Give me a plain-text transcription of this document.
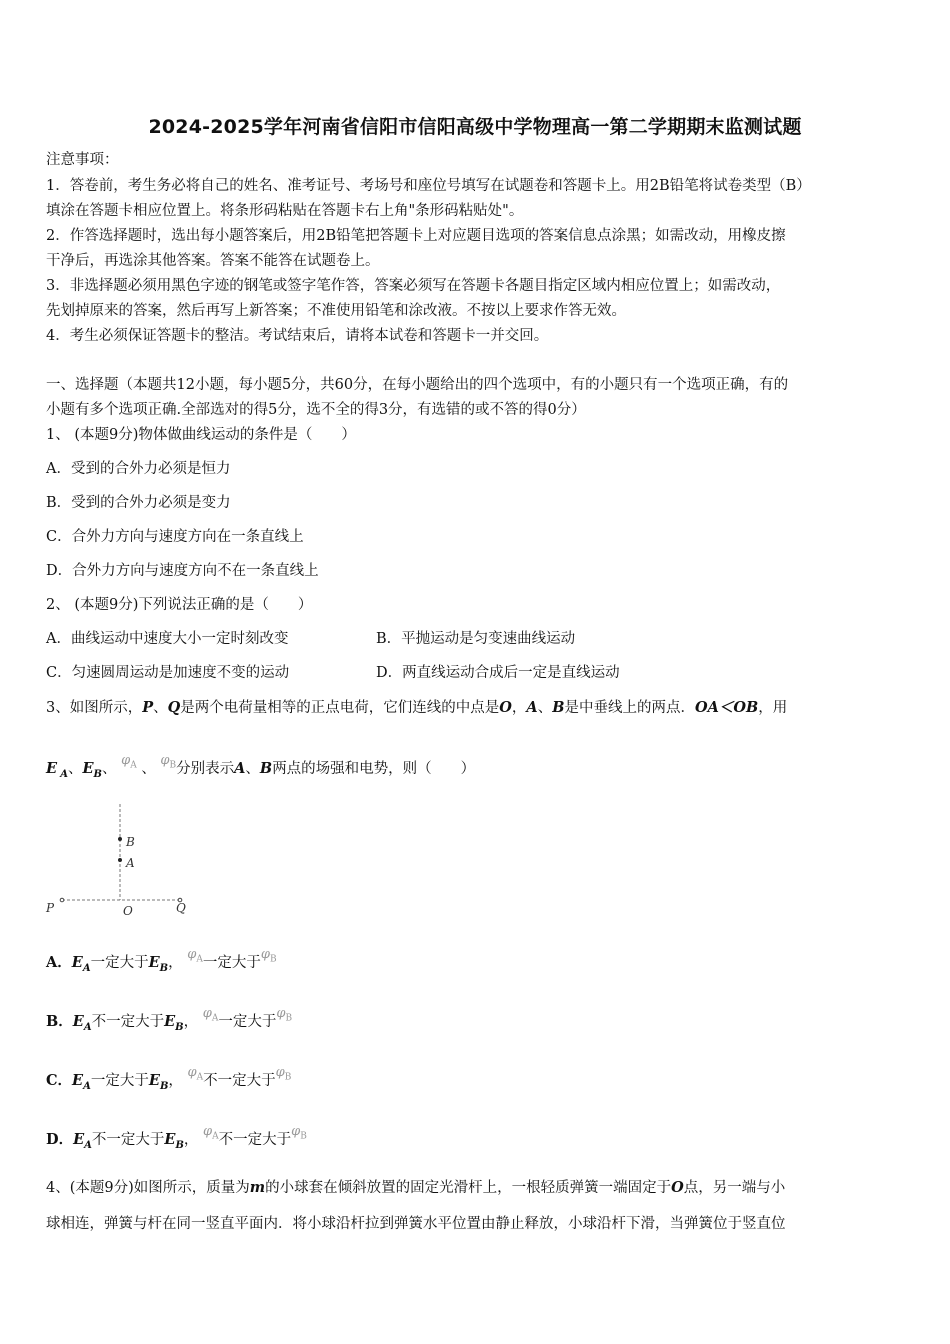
2024-2025学年河南省信阳市信阳高级中学物理高一第二学期期末监测试题
注意事项：
1．答卷前，考生务必将自己的姓名、准考证号、考场号和座位号填写在试题卷和答题卡上。用2B铅笔将试卷类型（B）
填涂在答题卡相应位置上。将条形码粘贴在答题卡右上角"条形码粘贴处"。
2．作答选择题时，选出每小题答案后，用2B铅笔把答题卡上对应题目选项的答案信息点涂黑；如需改动，用橡皮擦
干净后，再选涂其他答案。答案不能答在试题卷上。
3．非选择题必须用黑色字迹的钢笔或签字笔作答，答案必须写在答题卡各题目指定区域内相应位置上；如需改动，
先划掉原来的答案，然后再写上新答案；不准使用铅笔和涂改液。不按以上要求作答无效。
4．考生必须保证答题卡的整洁。考试结束后，请将本试卷和答题卡一并交回。
一、选择题（本题共12小题，每小题5分，共60分，在每小题给出的四个选项中，有的小题只有一个选项正确，有的
小题有多个选项正确.全部选对的得5分，选不全的得3分，有选错的或不答的得0分）
1、 (本题9分)物体做曲线运动的条件是（　　）
A．受到的合外力必须是恒力
B．受到的合外力必须是变力
C．合外力方向与速度方向在一条直线上
D．合外力方向与速度方向不在一条直线上
2、 (本题9分)下列说法正确的是（　　）
A．曲线运动中速度大小一定时刻改变	B．平抛运动是匀变速曲线运动
C．匀速圆周运动是加速度不变的运动	D．两直线运动合成后一定是直线运动
3、如图所示，P、Q是两个电荷量相等的正点电荷，它们连线的中点是O，A、B是中垂线上的两点．OA＜OB，用
E $_A$、$E_B$、 $\varphi_A$ 、 $\varphi_B$分别表示A、B两点的场强和电势，则（　　）
B
A
P	O	Q
A．$E_A$一定大于$E_B$， $\varphi_A$一定大于$\varphi_B$
B．$E_A$不一定大于$E_B$， $\varphi_A$一定大于$\varphi_B$
C．$E_A$一定大于$E_B$， $\varphi_A$不一定大于$\varphi_B$
D．$E_A$不一定大于$E_B$， $\varphi_A$不一定大于$\varphi_B$
4、(本题9分)如图所示，质量为m的小球套在倾斜放置的固定光滑杆上，一根轻质弹簧一端固定于O点，另一端与小
球相连，弹簧与杆在同一竖直平面内．将小球沿杆拉到弹簧水平位置由静止释放，小球沿杆下滑，当弹簧位于竖直位
